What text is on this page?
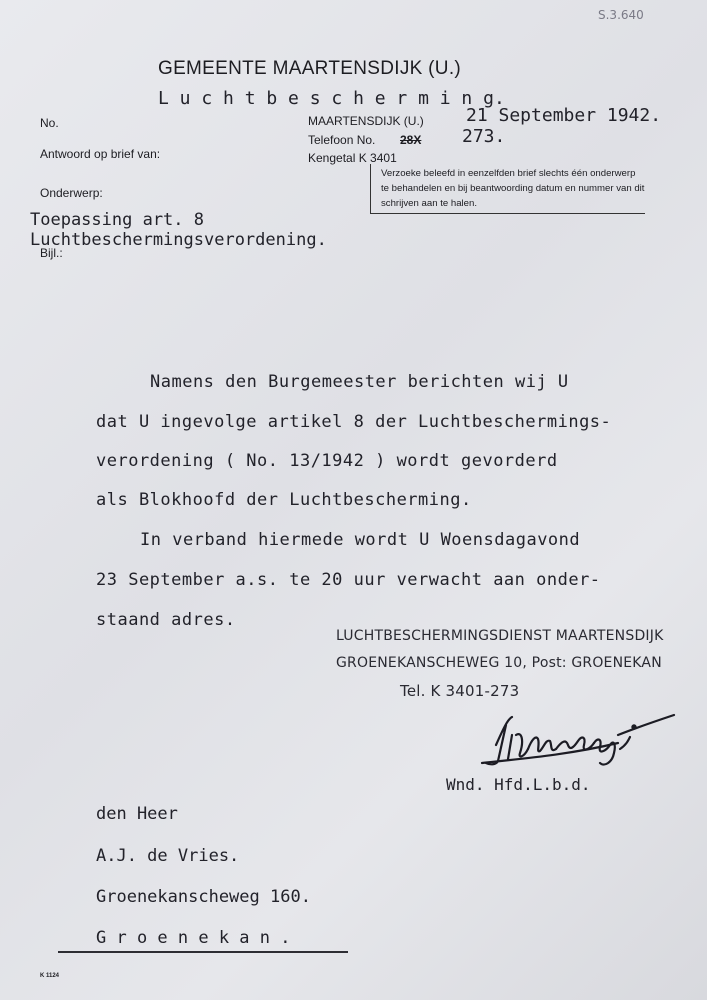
S.3.640
GEMEENTE MAARTENSDIJK (U.)
L u c h t b e s c h e r m i n g.
No.
Antwoord op brief van:
Onderwerp:
MAARTENSDIJK (U.) 21 September 1942.
Telefoon No. 28X 273.
Kengetal K 3401
Verzoeke beleefd in eenzelfden brief slechts één onderwerp te behandelen en bij beantwoording datum en nummer van dit schrijven aan te halen.
Toepassing art. 8
Bijl.:
Luchtbeschermingsverordening.
Namens den Burgemeester berichten wij U
dat U ingevolge artikel 8 der Luchtbeschermings-
verordening ( No. 13/1942 ) wordt gevorderd
als Blokhoofd der Luchtbescherming.
In verband hiermede wordt U Woensdagavond
23 September a.s. te 20 uur verwacht aan onder-
staand adres.
LUCHTBESCHERMINGSDIENST MAARTENSDIJK
GROENEKANSCHEWEG 10, Post: GROENEKAN
Tel. K 3401-273
Wnd. Hfd.L.b.d.
den Heer
A.J. de Vries.
Groenekanscheweg 160.
G r o e n e k a n .
K 1124
